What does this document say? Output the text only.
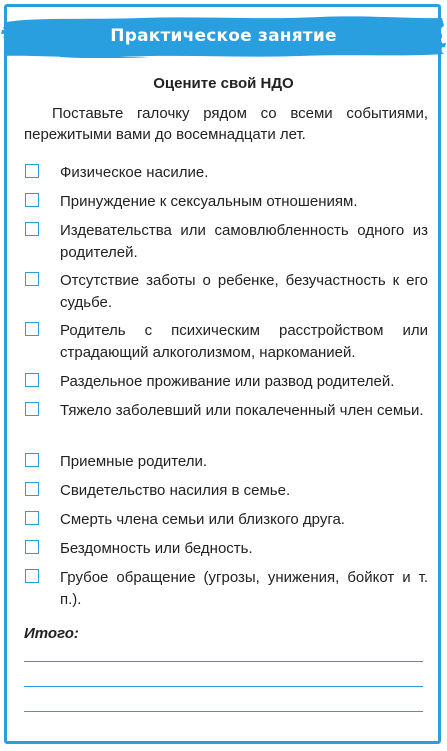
Практическое занятие
Оцените свой НДО
Поставьте галочку рядом со всеми событиями, пережитыми вами до восемнадцати лет.
Физическое насилие.
Принуждение к сексуальным отношениям.
Издевательства или самовлюбленность одного из родителей.
Отсутствие заботы о ребенке, безучастность к его судьбе.
Родитель с психическим расстройством или страдающий алкоголизмом, наркоманией.
Раздельное проживание или развод родителей.
Тяжело заболевший или покалеченный член семьи.
Приемные родители.
Свидетельство насилия в семье.
Смерть члена семьи или близкого друга.
Бездомность или бедность.
Грубое обращение (угрозы, унижения, бойкот и т. п.).
Итого:
